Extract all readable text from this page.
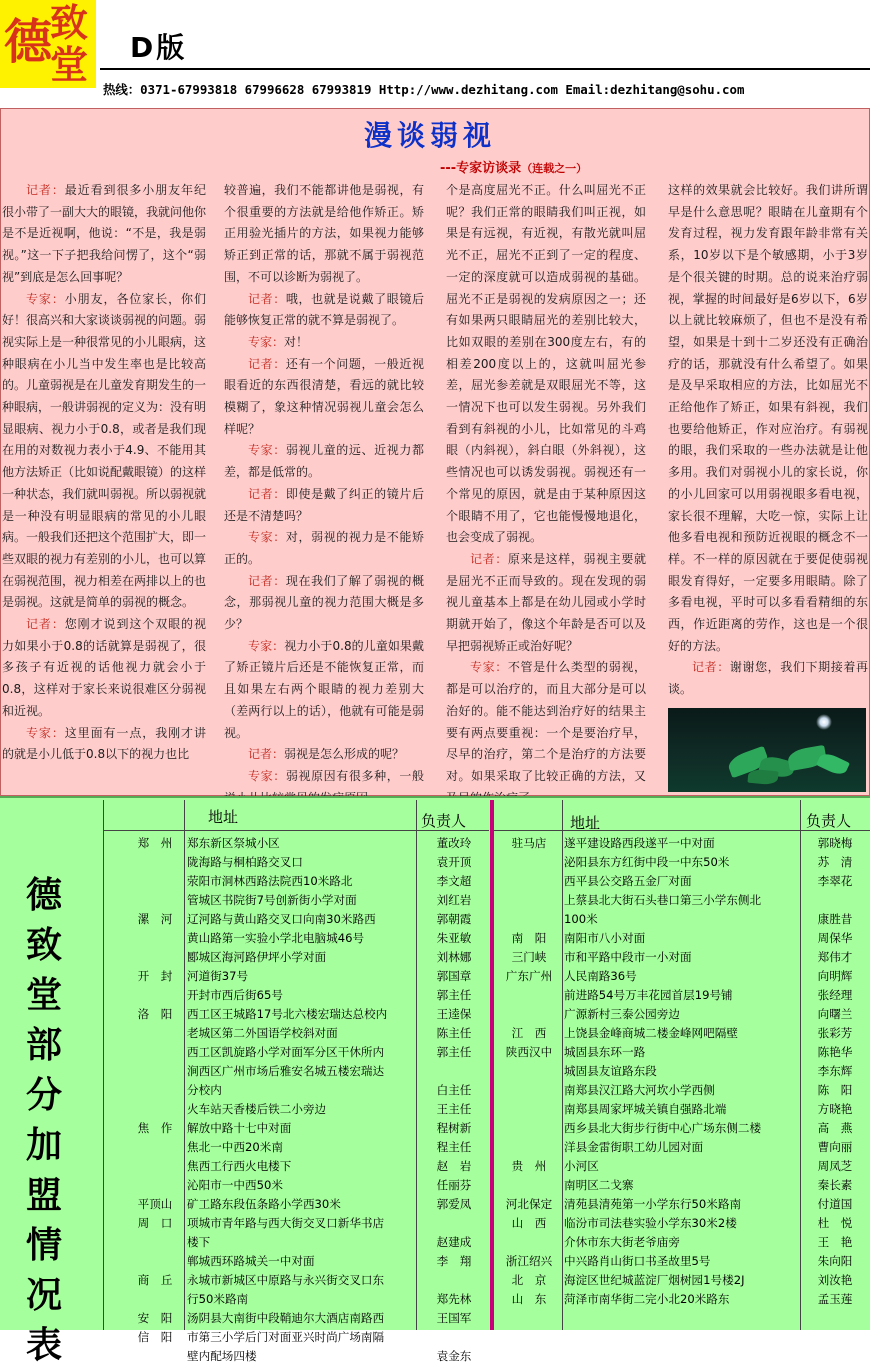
德
致
堂 D版
热线：0371-67993818 67996628 67993819 Http://www.dezhitang.com Email:dezhitang@sohu.com
漫谈弱视
---专家访谈录（连载之一）

记者：最近看到很多小朋友年纪很小带了一副大大的眼镜，我就问他你是不是近视啊，他说：“不是，我是弱视。”这一下子把我给问愣了，这个“弱视”到底是怎么回事呢？

专家：小朋友，各位家长，你们好！很高兴和大家谈谈弱视的问题。弱视实际上是一种很常见的小儿眼病，这种眼病在小儿当中发生率也是比较高的。儿童弱视是在儿童发育期发生的一种眼病，一般讲弱视的定义为：没有明显眼病、视力小于0.8，或者是我们现在用的对数视力表小于4.9、不能用其他方法矫正（比如说配戴眼镜）的这样一种状态，我们就叫弱视。所以弱视就是一种没有明显眼病的常见的小儿眼病。一般我们还把这个范围扩大，即一些双眼的视力有差别的小儿，也可以算在弱视范围，视力相差在两排以上的也是弱视。这就是简单的弱视的概念。

记者：您刚才说到这个双眼的视力如果小于0.8的话就算是弱视了，很多孩子有近视的话他视力就会小于0.8，这样对于家长来说很难区分弱视和近视。

专家：这里面有一点，我刚才讲的就是小儿低于0.8以下的视力也比

较普遍，我们不能都讲他是弱视，有个很重要的方法就是给他作矫正。矫正用验光插片的方法，如果视力能够矫正到正常的话，那就不属于弱视范围，不可以诊断为弱视了。

记者：哦，也就是说戴了眼镜后能够恢复正常的就不算是弱视了。

专家：对！

记者：还有一个问题，一般近视眼看近的东西很清楚，看远的就比较模糊了，象这种情况弱视儿童会怎么样呢？

专家：弱视儿童的远、近视力都差，都是低常的。

记者：即使是戴了纠正的镜片后还是不清楚吗？

专家：对，弱视的视力是不能矫正的。

记者：现在我们了解了弱视的概念，那弱视儿童的视力范围大概是多少？

专家：视力小于0.8的儿童如果戴了矫正镜片后还是不能恢复正常，而且如果左右两个眼睛的视力差别大（差两行以上的话），他就有可能是弱视。

记者：弱视是怎么形成的呢？

专家：弱视原因有很多种，一般

个是高度屈光不正。什么叫屈光不正呢？我们正常的眼睛我们叫正视，如果是有远视，有近视，有散光就叫屈光不正，屈光不正到了一定的程度、一定的深度就可以造成弱视的基础。屈光不正是弱视的发病原因之一；还有如果两只眼睛屈光的差别比较大，比如双眼的差别在300度左右，有的相差200度以上的，这就叫屈光参差，屈光参差就是双眼屈光不等，这一情况下也可以发生弱视。另外我们看到有斜视的小儿，比如常见的斗鸡眼（内斜视），斜白眼（外斜视），这些情况也可以诱发弱视。弱视还有一个常见的原因，就是由于某种原因这个眼睛不用了，它也能慢慢地退化，也会变成了弱视。

记者：原来是这样，弱视主要就是屈光不正而导致的。现在发现的弱视儿童基本上都是在幼儿园或小学时期就开始了，像这个年龄是否可以及早把弱视矫正或治好呢？

专家：不管是什么类型的弱视，都是可以治疗的，而且大部分是可以治好的。能不能达到治疗好的结果主要有两点要重视：一个是要治疗早，尽早的治疗，第二个是治疗的方法要对。如果采取了比较正确的方法，又

这样的效果就会比较好。我们讲所谓早是什么意思呢？眼睛在儿童期有个发育过程，视力发育跟年龄非常有关系，10岁以下是个敏感期，小于3岁是个很关键的时期。总的说来治疗弱视，掌握的时间最好是6岁以下，6岁以上就比较麻烦了，但也不是没有希望，如果是十到十二岁还没有正确治疗的话，那就没有什么希望了。如果是及早采取相应的方法，比如屈光不正给他作了矫正，如果有斜视，我们也要给他矫正，作对应治疗。有弱视的眼，我们采取的一些办法就是让他多用。我们对弱视小儿的家长说，你的小儿回家可以用弱视眼多看电视，家长很不理解，大吃一惊，实际上让他多看电视和预防近视眼的概念不一样。不一样的原因就在于要促使弱视眼发育得好，一定要多用眼睛。除了多看电视，平时可以多看看精细的东西，作近距离的劳作，这也是一个很好的方法。

记者：谢谢您，我们下期接着再谈。

德致堂部分加盟情况表
地址	负责人	地址	负责人
郑　州	郑东新区祭城小区	董改玲
陇海路与桐柏路交叉口	袁开顶
荥阳市洞林西路法院西10米路北	李文超
管城区书院街7号创新街小学对面	刘红岩
漯　河	辽河路与黄山路交叉口向南30米路西	郭朝霞
黄山路第一实验小学北电脑城46号	朱亚敏
郾城区海河路伊坪小学对面	刘林娜
开　封	河道街37号	郭国章
开封市西后街65号	郭主任
洛　阳	西工区王城路17号北六楼宏瑞达总校内	王逵保
老城区第二外国语学校斜对面	陈主任
西工区凯旋路小学对面军分区干休所内	郭主任
涧西区广州市场后雅安名城五楼宏瑞达
分校内	白主任
火车站天香楼后铁二小旁边	王主任
焦　作	解放中路十七中对面	程树新
焦北一中西20米南	程主任
焦西工行西火电楼下	赵　岩
沁阳市一中西50米	任丽芬
平顶山	矿工路东段伍条路小学西30米	郭爱凤
周　口	项城市青年路与西大街交叉口新华书店
楼下	赵建成
郸城西环路城关一中对面	李　翔
商　丘	永城市新城区中原路与永兴街交叉口东
行50米路南	郑先林
安　阳	汤阴县大南街中段鞘迪尔大酒店南路西	王国军
信　阳	市第三小学后门对面亚兴时尚广场南隔
壁内配场四楼	袁金东
驻马店	遂平建设路西段遂平一中对面	郭晓梅
泌阳县东方红街中段一中东50米	苏　清
西平县公交路五金厂对面	李翠花
上蔡县北大街石头巷口第三小学东侧北
100米	康胜昔
南　阳	南阳市八小对面	周保华
三门峡	市和平路中段市一小对面	郑伟才
广东广州	人民南路36号	向明辉
前进路54号万丰花园首层19号铺	张经理
广源新村三泰公园旁边	向曙兰
江　西	上饶县金峰商城二楼金峰网吧隔壁	张彩芳
陕西汉中	城固县东环一路	陈艳华
城固县友谊路东段	李东辉
南郑县汉江路大河坎小学西侧	陈　阳
南郑县周家坪城关镇自强路北端	方晓艳
西乡县北大街步行街中心广场东侧二楼	高　燕
洋县金雷街职工幼儿园对面	曹向丽
贵　州	小河区	周凤芝
南明区二戈寨	秦长素
河北保定	清苑县清苑第一小学东行50米路南	付道国
山　西	临汾市司法巷实验小学东30米2楼	杜　悦
介休市东大街老爷庙旁	王　艳
浙江绍兴	中兴路肖山街口书圣故里5号	朱向阳
北　京	海淀区世纪城蓝淀厂烟树园1号楼2J	刘汝艳
山　东	菏泽市南华街二完小北20米路东	孟玉莲
